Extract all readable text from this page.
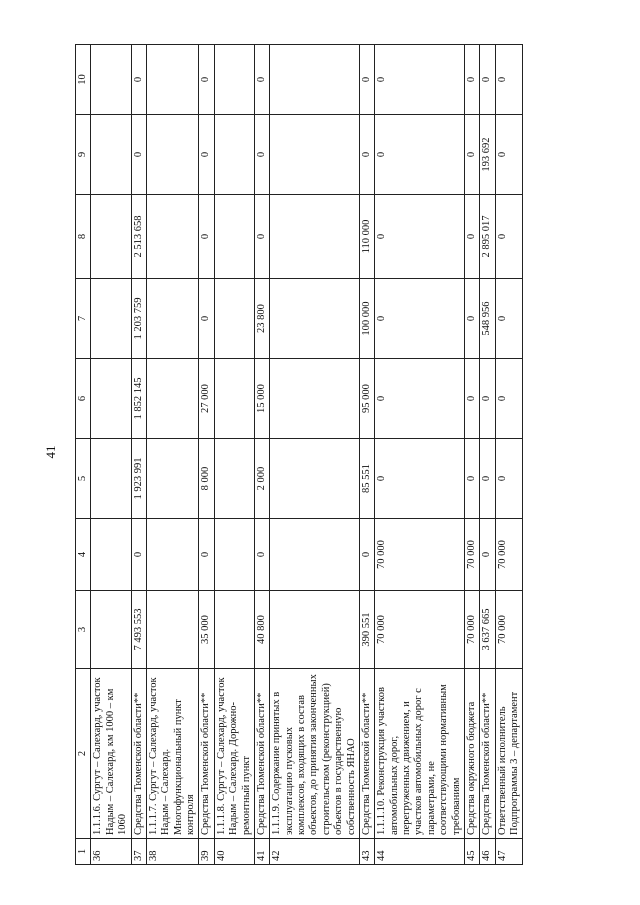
41
1	2	3	4	5	6	7	8	9	10
36	1.1.1.6. Сургут – Салехард, участок Надым – Салехард, км 1000 – км 1060								
37	Средства Тюменской области**	7 493 553	0	1 923 991	1 852 145	1 203 759	2 513 658	0	0
38	1.1.1.7. Сургут – Салехард, участок Надым – Салехард. Многофункциональный пункт контроля								
39	Средства Тюменской области**	35 000	0	8 000	27 000	0	0	0	0
40	1.1.1.8. Сургут – Салехард, участок Надым – Салехард. Дорожно-ремонтный пункт								
41	Средства Тюменской области**	40 800	0	2 000	15 000	23 800	0	0	0
42	1.1.1.9. Содержание принятых в эксплуатацию пусковых комплексов, входящих в состав объектов, до принятия законченных строительством (реконструкцией) объектов в государственную собственность ЯНАО								
43	Средства Тюменской области**	390 551	0	85 551	95 000	100 000	110 000	0	0
44	1.1.1.10. Реконструкция участков автомобильных дорог, перегруженных движением, и участков автомобильных дорог с параметрами, не соответствующими нормативным требованиям	70 000	70 000	0	0	0	0	0	0
45	Средства окружного бюджета	70 000	70 000	0	0	0	0	0	0
46	Средства Тюменской области**	3 637 665	0	0	0	548 956	2 895 017	193 692	0
47	Ответственный исполнитель Подпрограммы 3 – департамент	70 000	70 000	0	0	0	0	0	0
